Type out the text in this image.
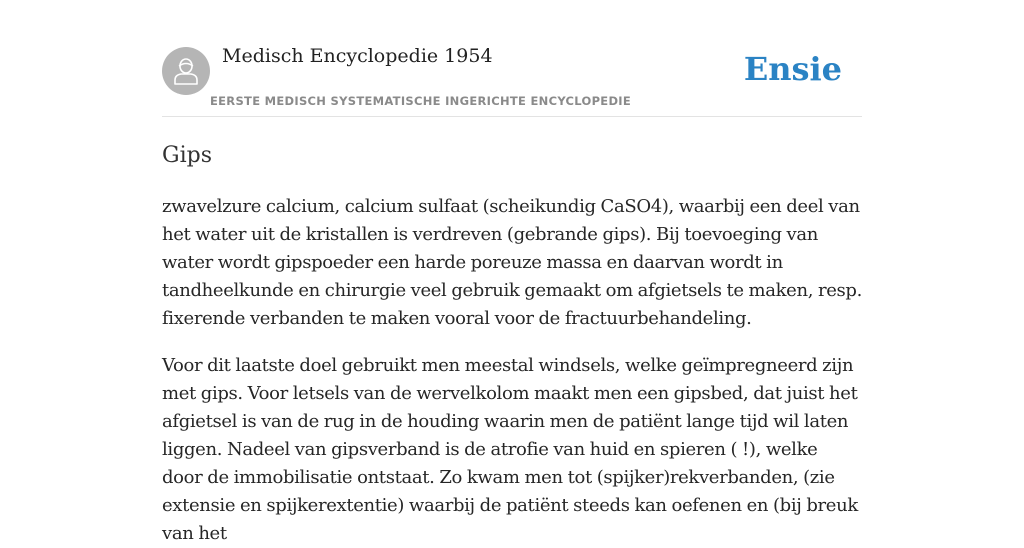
Medisch Encyclopedie 1954
EERSTE MEDISCH SYSTEMATISCHE INGERICHTE ENCYCLOPEDIE
Ensie
Gips

zwavelzure calcium, calcium sulfaat (scheikundig CaSO4), waarbij een deel van het water uit de kristallen is verdreven (gebrande gips). Bij toevoeging van water wordt gipspoeder een harde poreuze massa en daarvan wordt in tandheelkunde en chirurgie veel gebruik gemaakt om afgietsels te maken, resp. fixerende verbanden te maken vooral voor de fractuurbehandeling.

Voor dit laatste doel gebruikt men meestal windsels, welke geïmpregneerd zijn met gips. Voor letsels van de wervelkolom maakt men een gipsbed, dat juist het afgietsel is van de rug in de houding waarin men de patiënt lange tijd wil laten liggen. Nadeel van gipsverband is de atrofie van huid en spieren ( !), welke door de immobilisatie ontstaat. Zo kwam men tot (spijker)rekverbanden, (zie extensie en spijkerextentie) waarbij de patiënt steeds kan oefenen en (bij breuk van het
